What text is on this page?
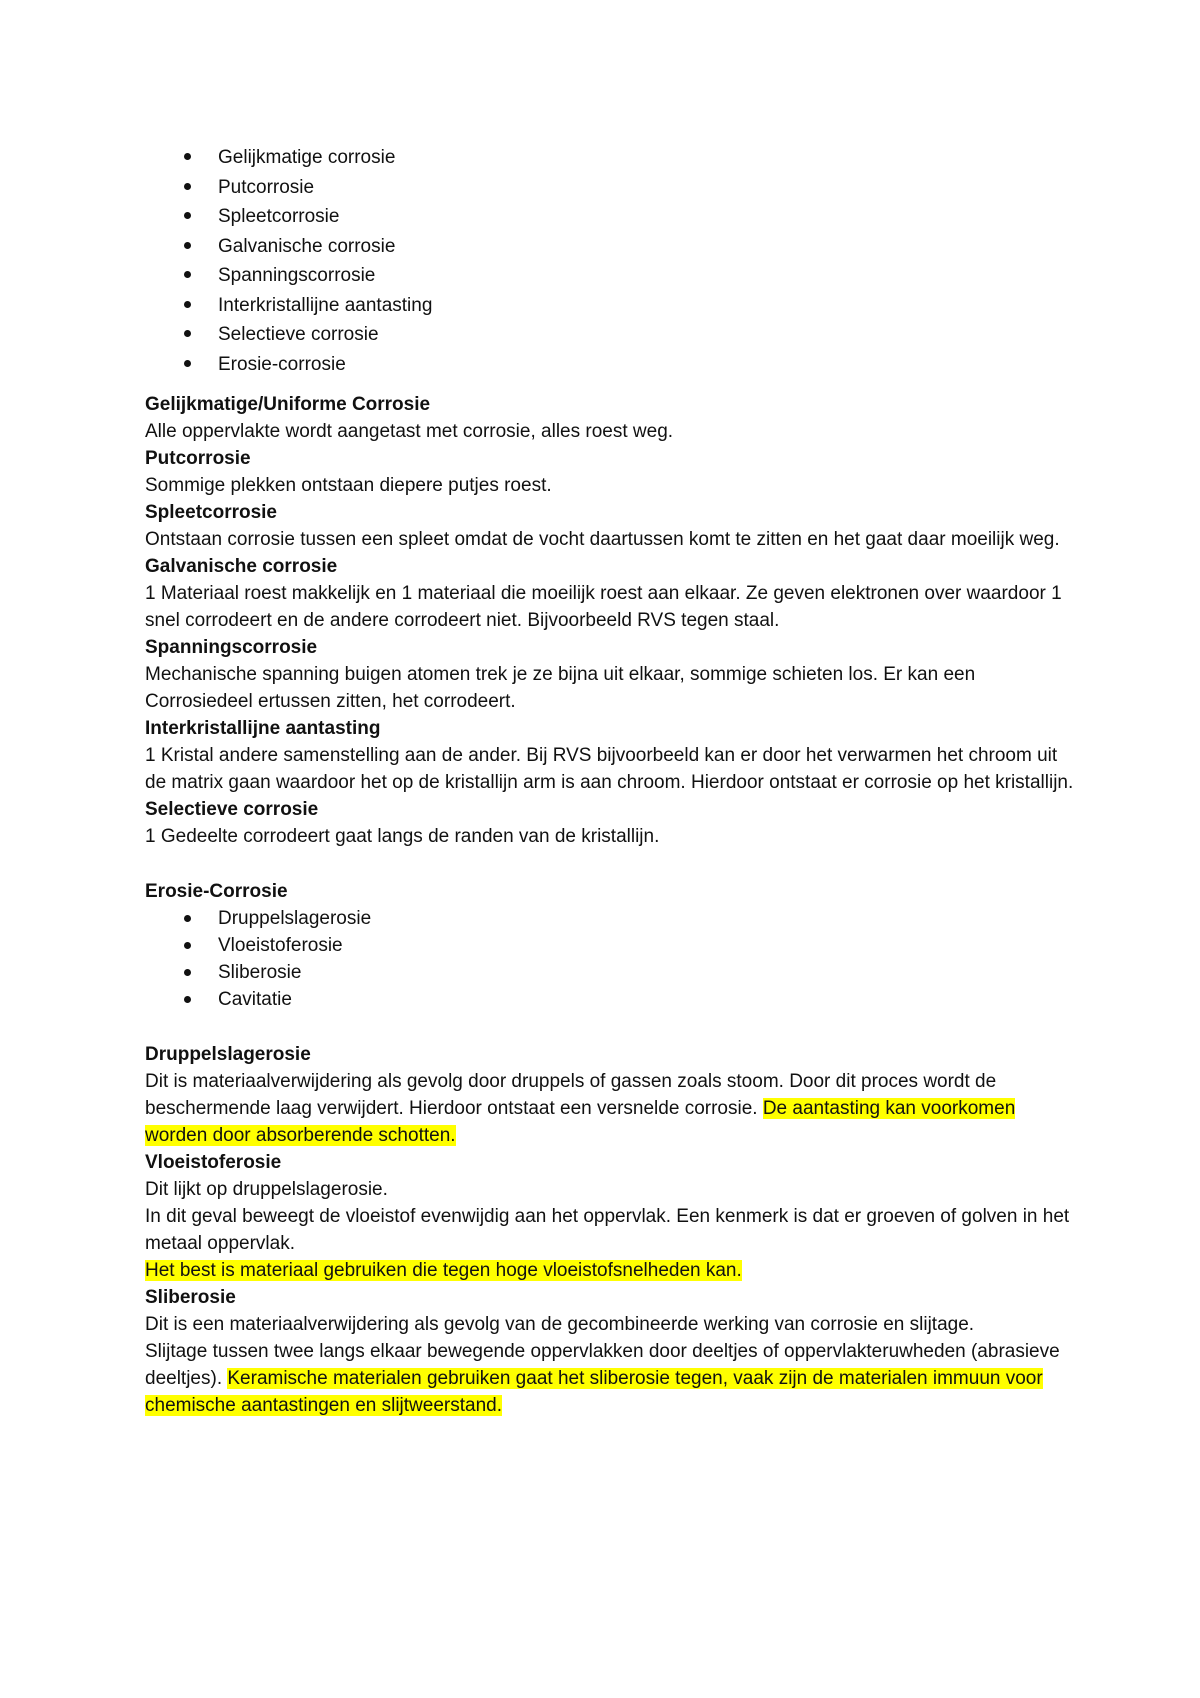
Gelijkmatige corrosie
Putcorrosie
Spleetcorrosie
Galvanische corrosie
Spanningscorrosie
Interkristallijne aantasting
Selectieve corrosie
Erosie-corrosie
Gelijkmatige/Uniforme Corrosie

Alle oppervlakte wordt aangetast met corrosie, alles roest weg.

Putcorrosie

Sommige plekken ontstaan diepere putjes roest.

Spleetcorrosie

Ontstaan corrosie tussen een spleet omdat de vocht daartussen komt te zitten en het gaat daar moeilijk weg.

Galvanische corrosie

1 Materiaal roest makkelijk en 1 materiaal die moeilijk roest aan elkaar. Ze geven elektronen over waardoor 1 snel corrodeert en de andere corrodeert niet. Bijvoorbeeld RVS tegen staal.

Spanningscorrosie

Mechanische spanning buigen atomen trek je ze bijna uit elkaar, sommige schieten los. Er kan een Corrosiedeel ertussen zitten, het corrodeert.

Interkristallijne aantasting

1 Kristal andere samenstelling aan de ander. Bij RVS bijvoorbeeld kan er door het verwarmen het chroom uit de matrix gaan waardoor het op de kristallijn arm is aan chroom. Hierdoor ontstaat er corrosie op het kristallijn.

Selectieve corrosie

1 Gedeelte corrodeert gaat langs de randen van de kristallijn.

Erosie-Corrosie
Druppelslagerosie
Vloeistoferosie
Sliberosie
Cavitatie
Druppelslagerosie

Dit is materiaalverwijdering als gevolg door druppels of gassen zoals stoom. Door dit proces wordt de beschermende laag verwijdert. Hierdoor ontstaat een versnelde corrosie. De aantasting kan voorkomen worden door absorberende schotten.

Vloeistoferosie

Dit lijkt op druppelslagerosie.

In dit geval beweegt de vloeistof evenwijdig aan het oppervlak. Een kenmerk is dat er groeven of golven in het metaal oppervlak.

Het best is materiaal gebruiken die tegen hoge vloeistofsnelheden kan.

Sliberosie

Dit is een materiaalverwijdering als gevolg van de gecombineerde werking van corrosie en slijtage.

Slijtage tussen twee langs elkaar bewegende oppervlakken door deeltjes of oppervlakteruwheden (abrasieve deeltjes). Keramische materialen gebruiken gaat het sliberosie tegen, vaak zijn de materialen immuun voor chemische aantastingen en slijtweerstand.
